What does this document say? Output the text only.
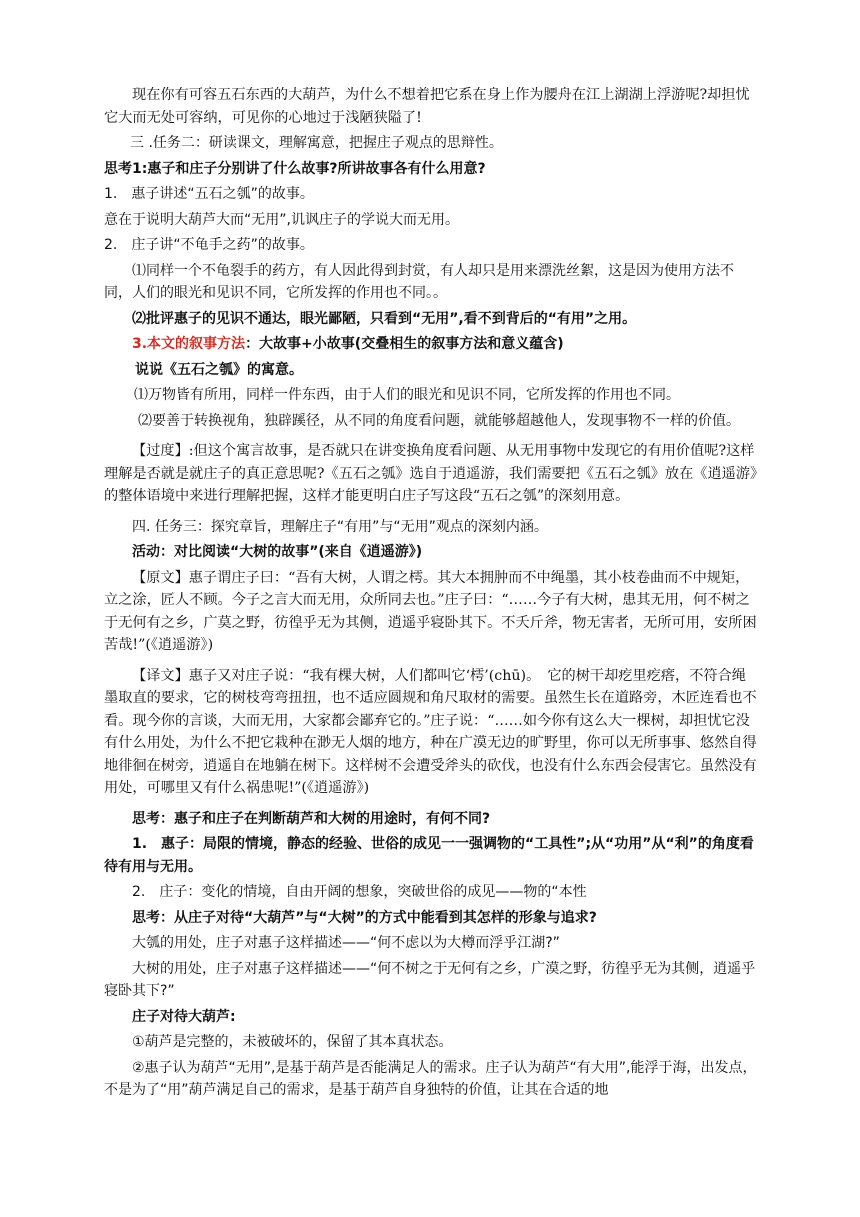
现在你有可容五石东西的大葫芦，为什么不想着把它系在身上作为腰舟在江上湖湖上浮游呢?却担忧它大而无处可容纳，可见你的心地过于浅陋狭隘了!

三 .任务二：研读课文，理解寓意，把握庄子观点的思辩性。

思考1:惠子和庄子分别讲了什么故事?所讲故事各有什么用意?

1.　惠子讲述“五石之瓠”的故事。

意在于说明大葫芦大而“无用”,讥讽庄子的学说大而无用。

2.　庄子讲“不龟手之药”的故事。

⑴同样一个不龟裂手的药方，有人因此得到封赏，有人却只是用来漂洗丝絮，这是因为使用方法不同，人们的眼光和见识不同，它所发挥的作用也不同。。

⑵批评惠子的见识不通达，眼光鄙陋，只看到“无用”,看不到背后的“有用”之用。

3.本文的叙事方法：大故事+小故事(交叠相生的叙事方法和意义蕴含)

说说《五石之瓠》的寓意。

⑴万物皆有所用，同样一件东西，由于人们的眼光和见识不同，它所发挥的作用也不同。

⑵要善于转换视角，独辟蹊径，从不同的角度看问题，就能够超越他人，发现事物不一样的价值。

【过度】:但这个寓言故事，是否就只在讲变换角度看问题、从无用事物中发现它的有用价值呢?这样理解是否就是就庄子的真正意思呢?《五石之瓠》选自于逍遥游，我们需要把《五石之瓠》放在《逍遥游》的整体语境中来进行理解把握，这样才能更明白庄子写这段“五石之瓠”的深刻用意。

四. 任务三：探究章旨，理解庄子“有用”与“无用”观点的深刻内涵。

活动：对比阅读“大树的故事”(来自《逍遥游》)

【原文】惠子谓庄子曰：“吾有大树，人谓之樗。其大本拥肿而不中绳墨，其小枝卷曲而不中规矩，立之涂，匠人不顾。今子之言大而无用，众所同去也。”庄子曰：“……今子有大树，患其无用，何不树之于无何有之乡，广莫之野，彷徨乎无为其侧，逍遥乎寝卧其下。不夭斤斧，物无害者，无所可用，安所困苦哉!”(《逍遥游》)

【译文】惠子又对庄子说：“我有棵大树，人们都叫它‘樗’(chū)。　它的树干却疙里疙瘩，不符合绳墨取直的要求，它的树枝弯弯扭扭，也不适应圆规和角尺取材的需要。虽然生长在道路旁，木匠连看也不看。现今你的言谈，大而无用，大家都会鄙弃它的。”庄子说：“……如今你有这么大一棵树，却担忧它没有什么用处，为什么不把它栽种在渺无人烟的地方，种在广漠无边的旷野里，你可以无所事事、悠然自得地徘徊在树旁，逍遥自在地躺在树下。这样树不会遭受斧头的砍伐，也没有什么东西会侵害它。虽然没有用处，可哪里又有什么祸患呢!”(《逍遥游》)

思考：惠子和庄子在判断葫芦和大树的用途时，有何不同?

1.　惠子：局限的情境，静态的经验、世俗的成见一一强调物的“工具性”;从“功用”从“利”的角度看待有用与无用。

2.　庄子：变化的情境，自由开阔的想象，突破世俗的成见——物的“本性

思考：从庄子对待“大葫芦”与“大树”的方式中能看到其怎样的形象与追求?

大瓠的用处，庄子对惠子这样描述——“何不虑以为大樽而浮乎江湖?”

大树的用处，庄子对惠子这样描述——“何不树之于无何有之乡，广漠之野，彷徨乎无为其侧，逍遥乎寝卧其下?”

庄子对待大葫芦:

①葫芦是完整的，未被破坏的，保留了其本真状态。

②惠子认为葫芦“无用”,是基于葫芦是否能满足人的需求。庄子认为葫芦“有大用”,能浮于海，出发点，不是为了“用”葫芦满足自己的需求，是基于葫芦自身独特的价值，让其在合适的地
